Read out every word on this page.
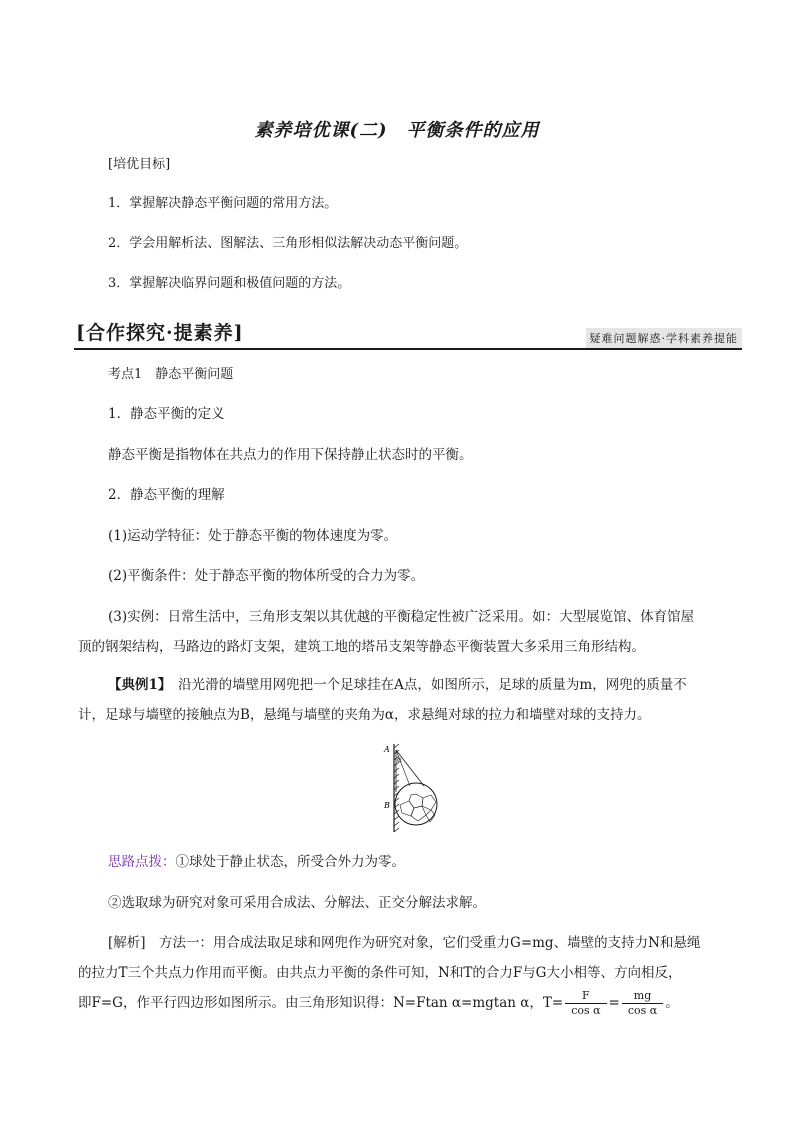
素养培优课(二)　平衡条件的应用
[培优目标]
1．掌握解决静态平衡问题的常用方法。
2．学会用解析法、图解法、三角形相似法解决动态平衡问题。
3．掌握解决临界问题和极值问题的方法。
[合作探究·提素养]	疑难问题解惑·学科素养提能
考点1　静态平衡问题
1．静态平衡的定义
静态平衡是指物体在共点力的作用下保持静止状态时的平衡。
2．静态平衡的理解
(1)运动学特征：处于静态平衡的物体速度为零。
(2)平衡条件：处于静态平衡的物体所受的合力为零。
(3)实例：日常生活中，三角形支架以其优越的平衡稳定性被广泛采用。如：大型展览馆、体育馆屋
顶的钢架结构，马路边的路灯支架，建筑工地的塔吊支架等静态平衡装置大多采用三角形结构。
【典例1】　沿光滑的墙壁用网兜把一个足球挂在A点，如图所示，足球的质量为m，网兜的质量不
计，足球与墙壁的接触点为B，悬绳与墙壁的夹角为α，求悬绳对球的拉力和墙壁对球的支持力。
A
α
B
思路点拨：①球处于静止状态，所受合外力为零。
②选取球为研究对象可采用合成法、分解法、正交分解法求解。
[解析]　方法一：用合成法取足球和网兜作为研究对象，它们受重力G=mg、墙壁的支持力N和悬绳
的拉力T三个共点力作用而平衡。由共点力平衡的条件可知，N和T的合力F与G大小相等、方向相反，
即F=G，作平行四边形如图所示。由三角形知识得：N=Ftan α=mgtan α，$T= \frac{F}{\text{cos α}} = \frac{mg}{\text{cos α}}$ 。
